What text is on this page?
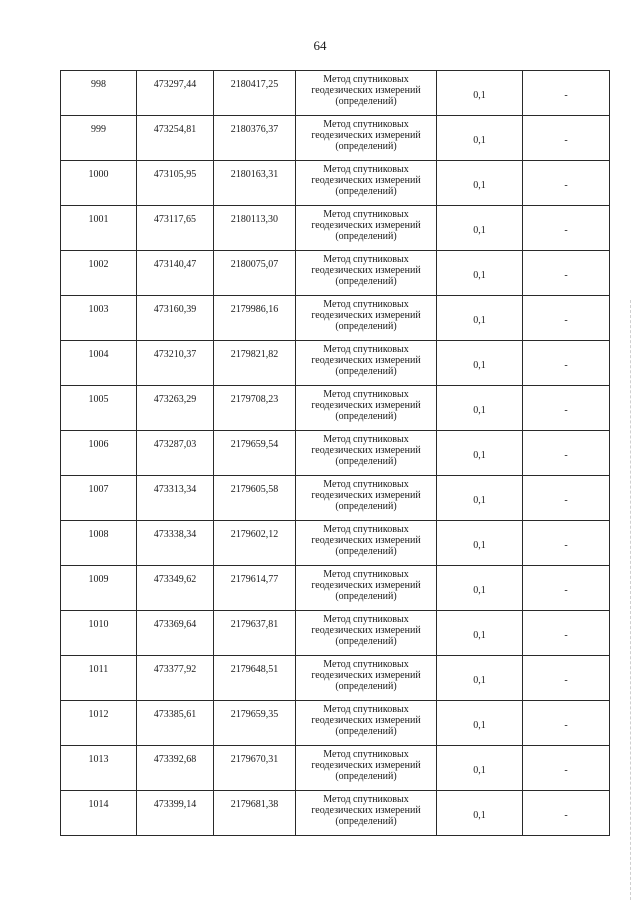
64
998	473297,44	2180417,25	Метод спутниковых
геодезических измерений
(определений)	0,1	-
999	473254,81	2180376,37	Метод спутниковых
геодезических измерений
(определений)	0,1	-
1000	473105,95	2180163,31	Метод спутниковых
геодезических измерений
(определений)	0,1	-
1001	473117,65	2180113,30	Метод спутниковых
геодезических измерений
(определений)	0,1	-
1002	473140,47	2180075,07	Метод спутниковых
геодезических измерений
(определений)	0,1	-
1003	473160,39	2179986,16	Метод спутниковых
геодезических измерений
(определений)	0,1	-
1004	473210,37	2179821,82	Метод спутниковых
геодезических измерений
(определений)	0,1	-
1005	473263,29	2179708,23	Метод спутниковых
геодезических измерений
(определений)	0,1	-
1006	473287,03	2179659,54	Метод спутниковых
геодезических измерений
(определений)	0,1	-
1007	473313,34	2179605,58	Метод спутниковых
геодезических измерений
(определений)	0,1	-
1008	473338,34	2179602,12	Метод спутниковых
геодезических измерений
(определений)	0,1	-
1009	473349,62	2179614,77	Метод спутниковых
геодезических измерений
(определений)	0,1	-
1010	473369,64	2179637,81	Метод спутниковых
геодезических измерений
(определений)	0,1	-
1011	473377,92	2179648,51	Метод спутниковых
геодезических измерений
(определений)	0,1	-
1012	473385,61	2179659,35	Метод спутниковых
геодезических измерений
(определений)	0,1	-
1013	473392,68	2179670,31	Метод спутниковых
геодезических измерений
(определений)	0,1	-
1014	473399,14	2179681,38	Метод спутниковых
геодезических измерений
(определений)	0,1	-
